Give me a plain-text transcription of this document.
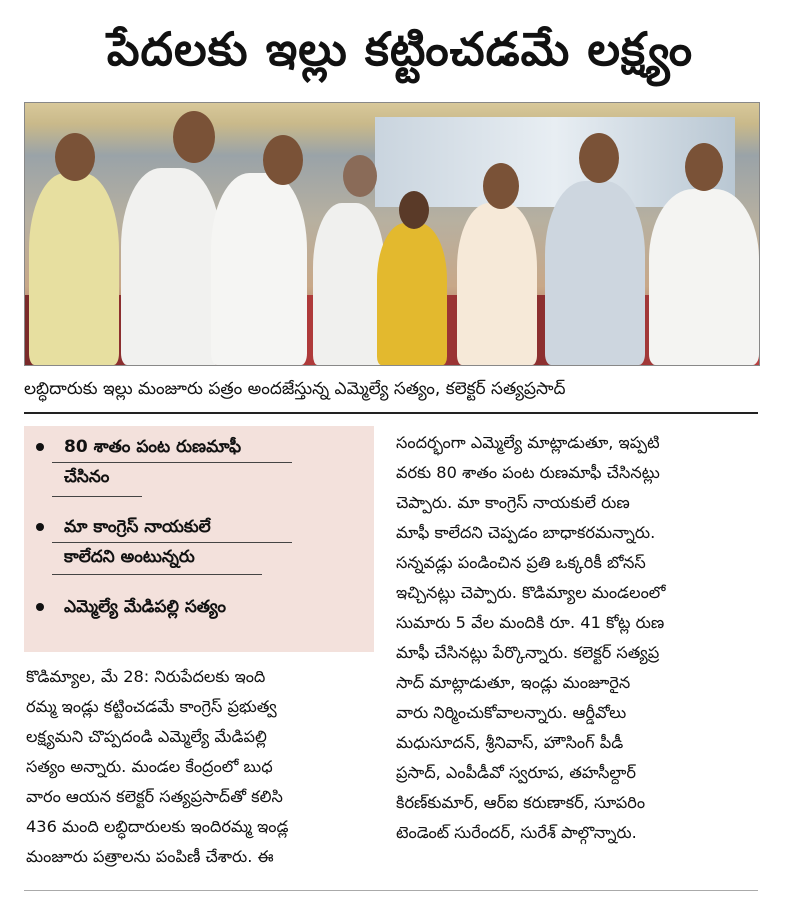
పేదలకు ఇల్లు కట్టించడమే లక్ష్యం
లబ్ధిదారుకు ఇల్లు మంజూరు పత్రం అందజేస్తున్న ఎమ్మెల్యే సత్యం, కలెక్టర్ సత్యప్రసాద్
80 శాతం పంట రుణమాఫీ
చేసినం
మా కాంగ్రెస్ నాయకులే
కాలేదని అంటున్నరు
ఎమ్మెల్యే మేడిపల్లి సత్యం
కొడిమ్యాల, మే 28: నిరుపేదలకు ఇంది
రమ్మ ఇండ్లు కట్టించడమే కాంగ్రెస్ ప్రభుత్వ
లక్ష్యమని చొప్పదండి ఎమ్మెల్యే మేడిపల్లి
సత్యం అన్నారు. మండల కేంద్రంలో బుధ
వారం ఆయన కలెక్టర్ సత్యప్రసాద్‌తో కలిసి
436 మంది లబ్ధిదారులకు ఇందిరమ్మ ఇండ్ల
మంజూరు పత్రాలను పంపిణీ చేశారు. ఈ
సందర్భంగా ఎమ్మెల్యే మాట్లాడుతూ, ఇప్పటి
వరకు 80 శాతం పంట రుణమాఫీ చేసినట్లు
చెప్పారు. మా కాంగ్రెస్ నాయకులే రుణ
మాఫీ కాలేదని చెప్పడం బాధాకరమన్నారు.
సన్నవడ్లు పండించిన ప్రతి ఒక్కరికీ బోనస్
ఇచ్చినట్లు చెప్పారు. కొడిమ్యాల మండలంలో
సుమారు 5 వేల మందికి రూ. 41 కోట్ల రుణ
మాఫీ చేసినట్లు పేర్కొన్నారు. కలెక్టర్ సత్యప్ర
సాద్ మాట్లాడుతూ, ఇండ్లు మంజూరైన
వారు నిర్మించుకోవాలన్నారు. ఆర్డీవోలు
మధుసూదన్, శ్రీనివాస్, హౌసింగ్ పీడీ
ప్రసాద్, ఎంపీడీవో స్వరూప, తహసీల్దార్
కిరణ్‌కుమార్, ఆర్ఐ కరుణాకర్, సూపరిం
టెండెంట్ సురేందర్, సురేశ్ పాల్గొన్నారు.
